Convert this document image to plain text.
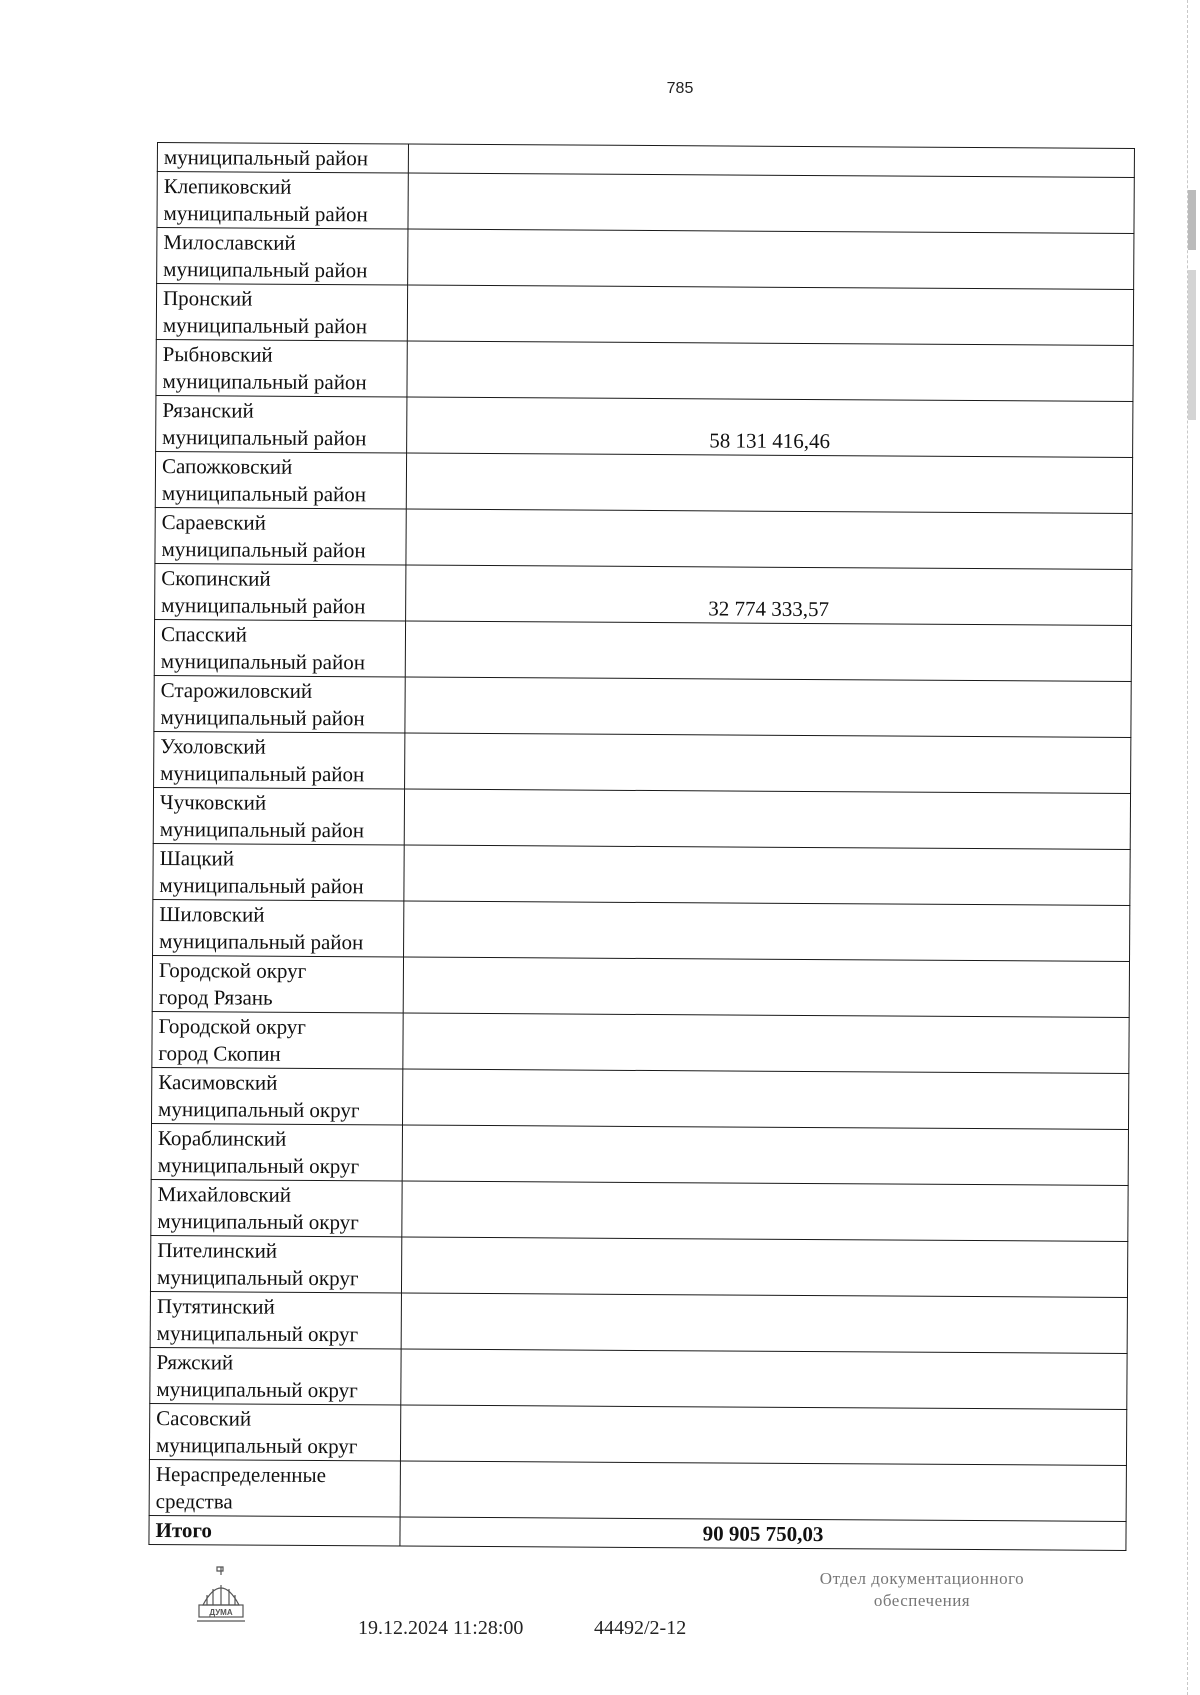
785
муниципальный район	

Клепиковский
муниципальный район	

Милославский
муниципальный район	

Пронский
муниципальный район	

Рыбновский
муниципальный район	

Рязанский
муниципальный район	58 131 416,46

Сапожковский
муниципальный район	

Сараевский
муниципальный район	

Скопинский
муниципальный район	32 774 333,57

Спасский
муниципальный район	

Старожиловский
муниципальный район	

Ухоловский
муниципальный район	

Чучковский
муниципальный район	

Шацкий
муниципальный район	

Шиловский
муниципальный район	

Городской округ
город Рязань	

Городской округ
город Скопин	

Касимовский
муниципальный округ	

Кораблинский
муниципальный округ	

Михайловский
муниципальный округ	

Пителинский
муниципальный округ	

Путятинский
муниципальный округ	

Ряжский
муниципальный округ	

Сасовский
муниципальный округ	

Нераспределенные
средства	

Итого	90 905 750,03
ДУМА
19.12.2024 11:28:00	44492/2-12
Отдел документационного
обеспечения
